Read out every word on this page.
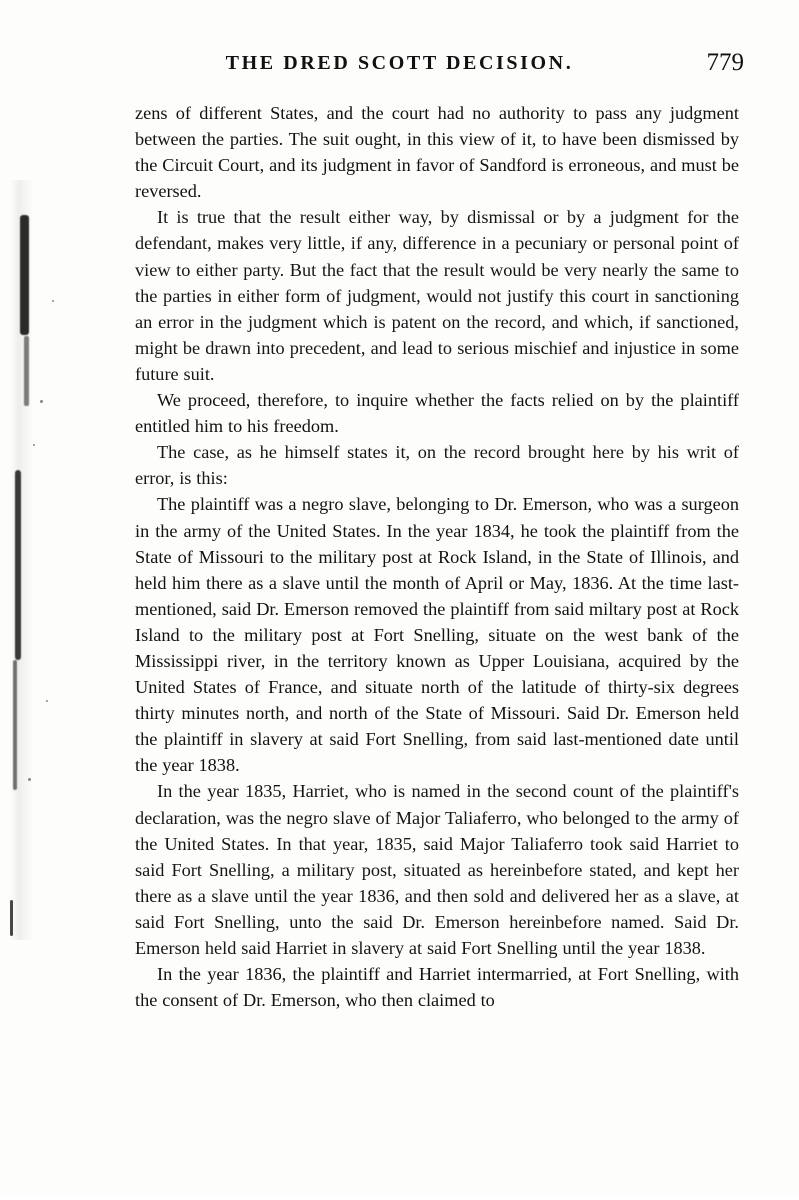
THE DRED SCOTT DECISION.	779

zens of different States, and the court had no authority to pass any judgment between the parties. The suit ought, in this view of it, to have been dismissed by the Circuit Court, and its judgment in favor of Sandford is erroneous, and must be reversed.

It is true that the result either way, by dismissal or by a judgment for the defendant, makes very little, if any, difference in a pecuniary or personal point of view to either party. But the fact that the result would be very nearly the same to the parties in either form of judgment, would not justify this court in sanctioning an error in the judgment which is patent on the record, and which, if sanctioned, might be drawn into precedent, and lead to serious mischief and injustice in some future suit.

We proceed, therefore, to inquire whether the facts relied on by the plaintiff entitled him to his freedom.

The case, as he himself states it, on the record brought here by his writ of error, is this:

The plaintiff was a negro slave, belonging to Dr. Emerson, who was a surgeon in the army of the United States. In the year 1834, he took the plaintiff from the State of Missouri to the military post at Rock Island, in the State of Illinois, and held him there as a slave until the month of April or May, 1836. At the time last-mentioned, said Dr. Emerson removed the plaintiff from said miltary post at Rock Island to the military post at Fort Snelling, situate on the west bank of the Mississippi river, in the territory known as Upper Louisiana, acquired by the United States of France, and situate north of the latitude of thirty-six degrees thirty minutes north, and north of the State of Missouri. Said Dr. Emerson held the plaintiff in slavery at said Fort Snelling, from said last-mentioned date until the year 1838.

In the year 1835, Harriet, who is named in the second count of the plaintiff's declaration, was the negro slave of Major Taliaferro, who belonged to the army of the United States. In that year, 1835, said Major Taliaferro took said Harriet to said Fort Snelling, a military post, situated as hereinbefore stated, and kept her there as a slave until the year 1836, and then sold and delivered her as a slave, at said Fort Snelling, unto the said Dr. Emerson hereinbefore named. Said Dr. Emerson held said Harriet in slavery at said Fort Snelling until the year 1838.

In the year 1836, the plaintiff and Harriet intermarried, at Fort Snelling, with the consent of Dr. Emerson, who then claimed to
